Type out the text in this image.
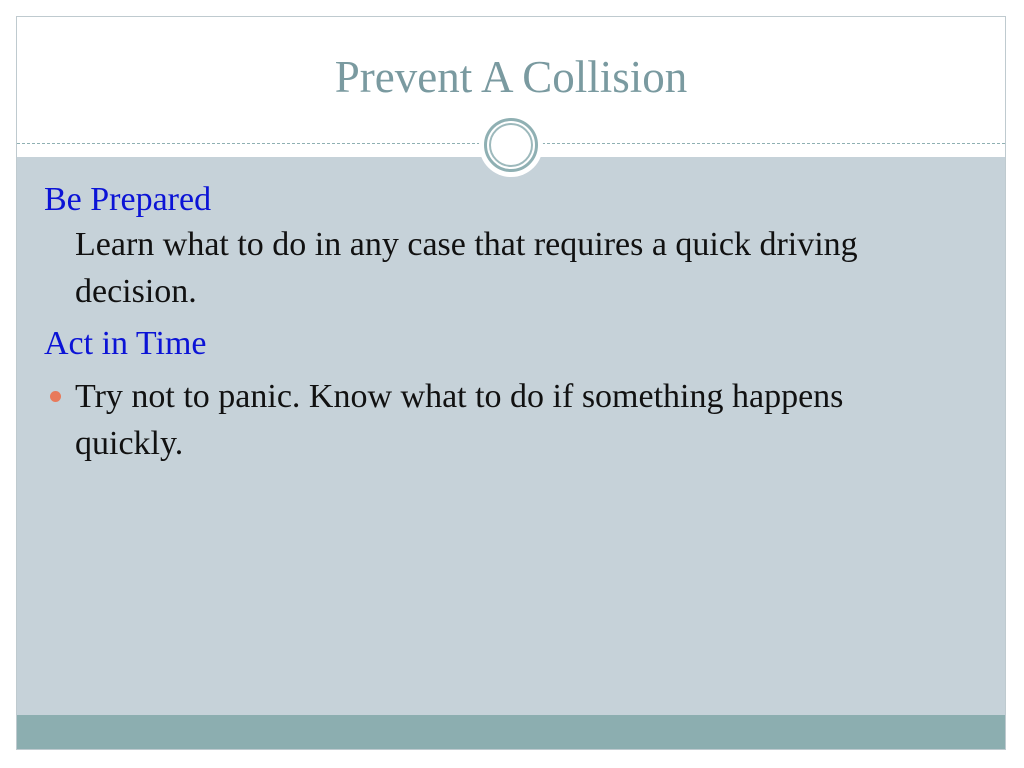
Prevent A Collision

Be Prepared

Learn what to do in any case that requires a quick driving decision.

Act in Time

Try not to panic. Know what to do if something happens quickly.
